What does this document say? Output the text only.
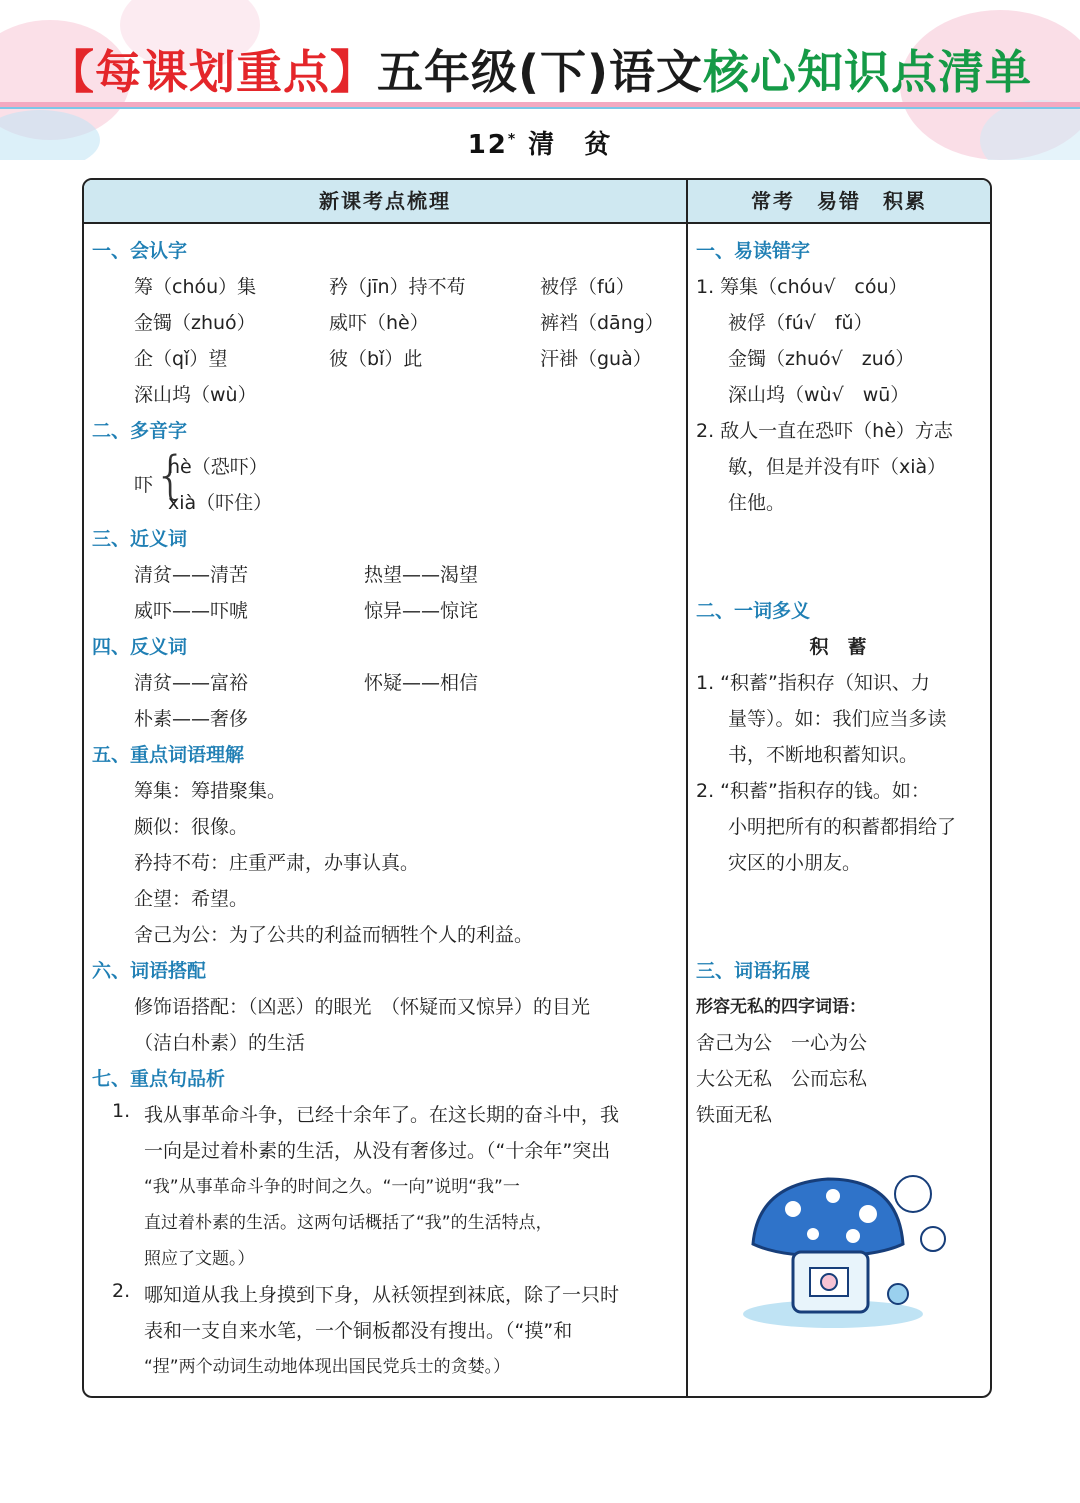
【每课划重点】五年级(下)语文核心知识点清单
12* 清　贫
新课考点梳理	常考　易错　积累
一、会认字
筹（chóu）集	矜（jīn）持不苟	被俘（fú）
金镯（zhuó）	威吓（hè）	裤裆（dāng）
企（qǐ）望	彼（bǐ）此	汗褂（guà）
深山坞（wù）
二、多音字
吓 {
hè（恐吓）
xià（吓住）
三、近义词
清贫——清苦	热望——渴望
威吓——吓唬	惊异——惊诧
四、反义词
清贫——富裕	怀疑——相信
朴素——奢侈
五、重点词语理解
筹集：筹措聚集。
颇似：很像。
矜持不苟：庄重严肃，办事认真。
企望：希望。
舍己为公：为了公共的利益而牺牲个人的利益。
六、词语搭配
修饰语搭配：（凶恶）的眼光　（怀疑而又惊异）的目光
（洁白朴素）的生活
七、重点句品析
1. 我从事革命斗争，已经十余年了。在这长期的奋斗中，我
一向是过着朴素的生活，从没有奢侈过。（“十余年”突出
“我”从事革命斗争的时间之久。“一向”说明“我”一
直过着朴素的生活。这两句话概括了“我”的生活特点，
照应了文题。）
2. 哪知道从我上身摸到下身，从袄领捏到袜底，除了一只时
表和一支自来水笔，一个铜板都没有搜出。（“摸”和
“捏”两个动词生动地体现出国民党兵士的贪婪。）
一、易读错字
1. 筹集（chóu√　cóu）
被俘（fú√　fǔ）
金镯（zhuó√　zuó）
深山坞（wù√　wū）
2. 敌人一直在恐吓（hè）方志
敏，但是并没有吓（xià）
住他。
二、一词多义
积　蓄
1. “积蓄”指积存（知识、力
量等）。如：我们应当多读
书，不断地积蓄知识。
2. “积蓄”指积存的钱。如：
小明把所有的积蓄都捐给了
灾区的小朋友。
三、词语拓展
形容无私的四字词语：
舍己为公　一心为公
大公无私　公而忘私
铁面无私
